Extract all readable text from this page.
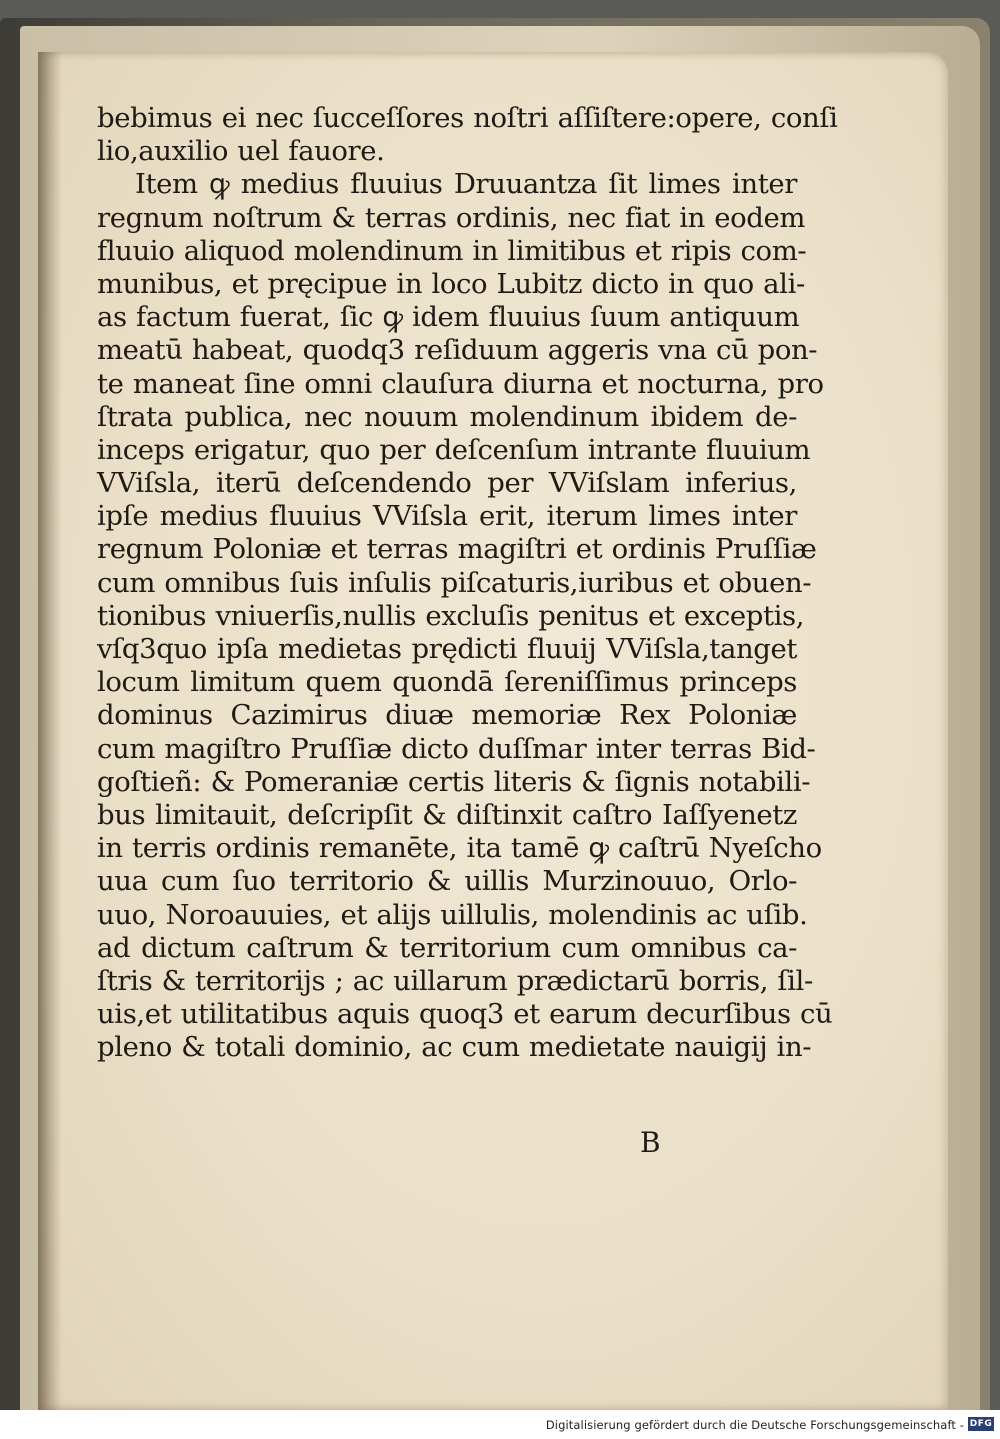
bebimus ei nec ſucceſſores noſtri aſſiſtere:opere, conſi
lio,auxilio uel fauore.
Item ꝙ medius fluuius Druuantza ſit limes inter
regnum noſtrum & terras ordinis, nec fiat in eodem
fluuio aliquod molendinum in limitibus et ripis com-
munibus, et pręcipue in loco Lubitz dicto in quo ali-
as factum fuerat, ſic ꝙ idem fluuius ſuum antiquum
meatū habeat, quodq3 reſiduum aggeris vna cū pon-
te maneat ſine omni clauſura diurna et nocturna, pro
ſtrata publica, nec nouum molendinum ibidem de-
inceps erigatur, quo per deſcenſum intrante fluuium
VViſsla, iterū deſcendendo per VViſslam inferius,
ipſe medius fluuius VViſsla erit, iterum limes inter
regnum Poloniæ et terras magiſtri et ordinis Pruſſiæ
cum omnibus ſuis inſulis piſcaturis,iuribus et obuen-
tionibus vniuerſis,nullis excluſis penitus et exceptis,
vſq3quo ipſa medietas prędicti fluuij VViſsla,tanget
locum limitum quem quondā ſereniſſimus princeps
dominus Cazimirus diuæ memoriæ Rex Poloniæ
cum magiſtro Pruſſiæ dicto duſſmar inter terras Bid-
goſtieñ: & Pomeraniæ certis literis & ſignis notabili-
bus limitauit, deſcripſit & diſtinxit caſtro Iaſſyenetz
in terris ordinis remanēte, ita tamē ꝙ caſtrū Nyeſcho
uua cum ſuo territorio & uillis Murzinouuo, Orlo-
uuo, Noroauuies, et alijs uillulis, molendinis ac uſib.
ad dictum caſtrum & territorium cum omnibus ca-
ſtris & territorijs ; ac uillarum prædictarū borris, ſil-
uis,et utilitatibus aquis quoq3 et earum decurſibus cū
pleno & totali dominio, ac cum medietate nauigij in-
B
Digitalisierung gefördert durch die Deutsche Forschungsgemeinschaft - DFG
